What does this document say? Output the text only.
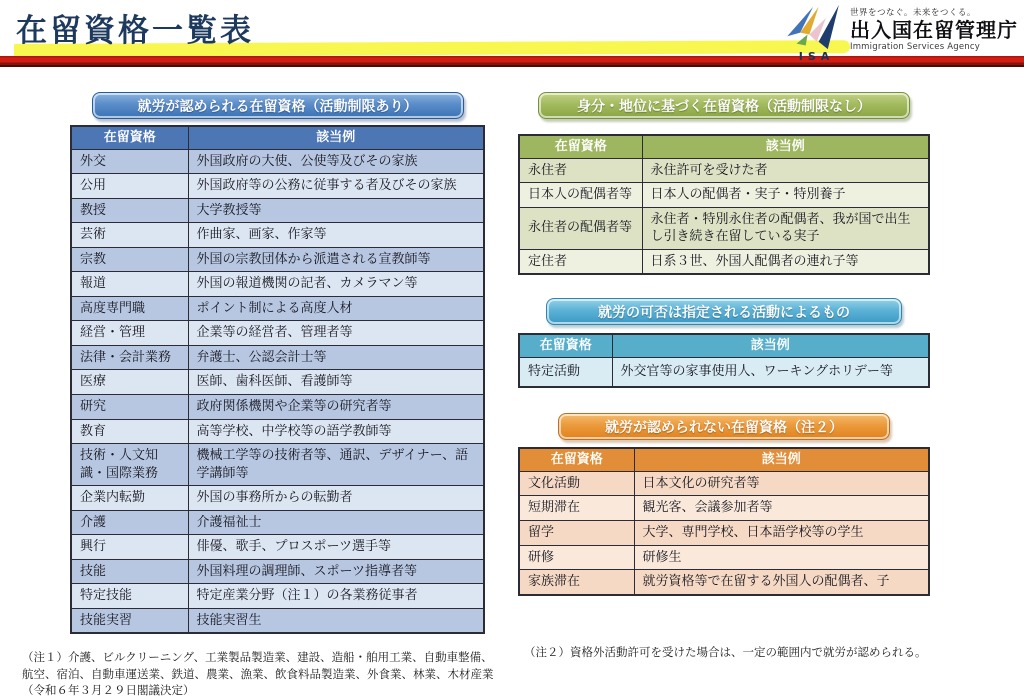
在留資格一覧表
ISA
世界をつなぐ。未来をつくる。
出入国在留管理庁
Immigration Services Agency
就労が認められる在留資格（活動制限あり）
在留資格	該当例
外交	外国政府の大使、公使等及びその家族
公用	外国政府等の公務に従事する者及びその家族
教授	大学教授等
芸術	作曲家、画家、作家等
宗教	外国の宗教団体から派遣される宣教師等
報道	外国の報道機関の記者、カメラマン等
高度専門職	ポイント制による高度人材
経営・管理	企業等の経営者、管理者等
法律・会計業務	弁護士、公認会計士等
医療	医師、歯科医師、看護師等
研究	政府関係機関や企業等の研究者等
教育	高等学校、中学校等の語学教師等
技術・人文知識・国際業務	機械工学等の技術者等、通訳、デザイナー、語学講師等
企業内転勤	外国の事務所からの転勤者
介護	介護福祉士
興行	俳優、歌手、プロスポーツ選手等
技能	外国料理の調理師、スポーツ指導者等
特定技能	特定産業分野（注１）の各業務従事者
技能実習	技能実習生
身分・地位に基づく在留資格（活動制限なし）
在留資格	該当例
永住者	永住許可を受けた者
日本人の配偶者等	日本人の配偶者・実子・特別養子
永住者の配偶者等	永住者・特別永住者の配偶者、我が国で出生し引き続き在留している実子
定住者	日系３世、外国人配偶者の連れ子等
就労の可否は指定される活動によるもの
在留資格	該当例
特定活動	外交官等の家事使用人、ワーキングホリデー等
就労が認められない在留資格（注２）
在留資格	該当例
文化活動	日本文化の研究者等
短期滞在	観光客、会議参加者等
留学	大学、専門学校、日本語学校等の学生
研修	研修生
家族滞在	就労資格等で在留する外国人の配偶者、子
（注１）介護、ビルクリーニング、工業製品製造業、建設、造船・舶用工業、自動車整備、航空、宿泊、自動車運送業、鉄道、農業、漁業、飲食料品製造業、外食業、林業、木材産業（令和６年３月２９日閣議決定）
（注２）資格外活動許可を受けた場合は、一定の範囲内で就労が認められる。
